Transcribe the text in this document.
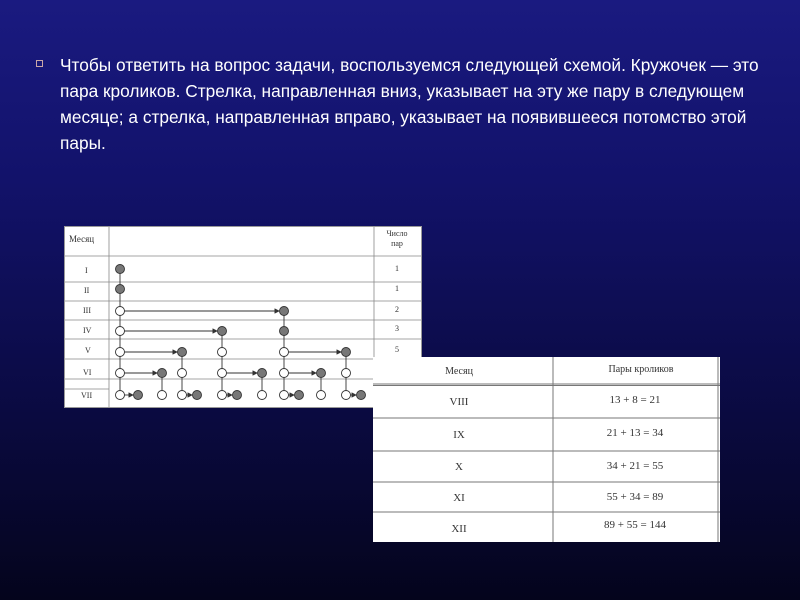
Чтобы ответить на вопрос задачи, воспользуемся следующей схемой. Кружочек — это пара кроликов. Стрелка, направленная вниз, указывает на эту же пару в следующем месяце; а стрелка, направленная вправо, указывает на появившееся потомство этой пары.
Месяц
Число
пар
I
II
III
IV
V
VI
VII
1
1
2
3
5
Месяц	Пары кроликов
VIII
IX
X
XI
XII
13 + 8 = 21
21 + 13 = 34
34 + 21 = 55
55 + 34 = 89
89 + 55 = 144
